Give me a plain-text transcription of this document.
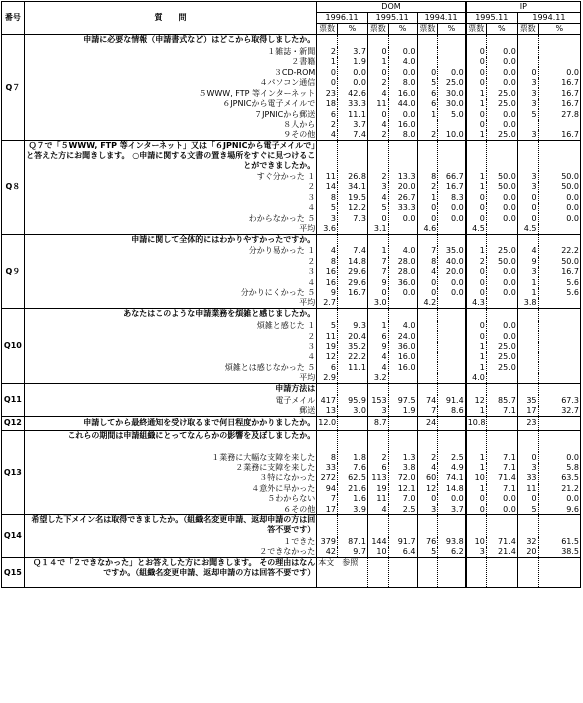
番号	質　　問	DOM						IP			
		1996.11		1995.11		1994.11		1995.11		1994.11	
		票数	%	票数	%	票数	%	票数	%	票数	%
Q７	申請に必要な情報（申請書式など）はどこから取得しましたか。										
	１雑誌・新聞	2	3.7	0	0.0			0	0.0		
	２書籍	1	1.9	1	4.0			0	0.0		
	３CD-ROM	0	0.0	0	0.0	0	0.0	0	0.0	0	0.0
	４パソコン通信	0	0.0	2	8.0	5	25.0	0	0.0	3	16.7
	５WWW, FTP 等インターネット	23	42.6	4	16.0	6	30.0	1	25.0	3	16.7
	６JPNICから電子メイルで	18	33.3	11	44.0	6	30.0	1	25.0	3	16.7
	７JPNICから郵送	6	11.1	0	0.0	1	5.0	0	0.0	5	27.8
	８人から	2	3.7	4	16.0			0	0.0		
	９その他	4	7.4	2	8.0	2	10.0	1	25.0	3	16.7
Q８	Ｑ７で「５WWW, FTP 等インターネット」又は「６JPNICから電子メイルで」と答えた方にお聞きします。 ○申請に関する文書の置き場所をすぐに見つけることができましたか。										
	すぐ分かった １	11	26.8	2	13.3	8	66.7	1	50.0	3	50.0
	２	14	34.1	3	20.0	2	16.7	1	50.0	3	50.0
	３	8	19.5	4	26.7	1	8.3	0	0.0	0	0.0
	４	5	12.2	5	33.3	0	0.0	0	0.0	0	0.0
	わからなかった ５	3	7.3	0	0.0	0	0.0	0	0.0	0	0.0
	平均	3.6		3.1		4.6		4.5		4.5	
Q９	申請に関して全体的にはわかりやすかったですか。										
	分かり易かった １	4	7.4	1	4.0	7	35.0	1	25.0	4	22.2
	２	8	14.8	7	28.0	8	40.0	2	50.0	9	50.0
	３	16	29.6	7	28.0	4	20.0	0	0.0	3	16.7
	４	16	29.6	9	36.0	0	0.0	0	0.0	1	5.6
	分かりにくかった ５	9	16.7	0	0.0	0	0.0	0	0.0	1	5.6
	平均	2.7		3.0		4.2		4.3		3.8	
Q10	あなたはこのような申請業務を煩雑と感じましたか。										
	煩雑と感じた １	5	9.3	1	4.0			0	0.0		
	２	11	20.4	6	24.0			0	0.0		
	３	19	35.2	9	36.0			1	25.0		
	４	12	22.2	4	16.0			1	25.0		
	煩雑とは感じなかった ５	6	11.1	4	16.0			1	25.0		
	平均	2.9		3.2				4.0			
Q11	申請方法は										
	電子メイル	417	95.9	153	97.5	74	91.4	12	85.7	35	67.3
	郵送	13	3.0	3	1.9	7	8.6	1	7.1	17	32.7
Q12	申請してから最終通知を受け取るまで何日程度かかりましたか。	12.0		8.7		24		10.8		23	
Q13	これらの期間は申請組織にとってなんらかの影響を及ぼしましたか。										
	１業務に大幅な支障を来した	8	1.8	2	1.3	2	2.5	1	7.1	0	0.0
	２業務に支障を来した	33	7.6	6	3.8	4	4.9	1	7.1	3	5.8
	３特になかった	272	62.5	113	72.0	60	74.1	10	71.4	33	63.5
	４意外に早かった	94	21.6	19	12.1	12	14.8	1	7.1	11	21.2
	５わからない	7	1.6	11	7.0	0	0.0	0	0.0	0	0.0
	６その他	17	3.9	4	2.5	3	3.7	0	0.0	5	9.6
Q14	希望した下メイン名は取得できましたか。（組織名変更申請、返却申請の方は回答不要です）										
	１できた	379	87.1	144	91.7	76	93.8	10	71.4	32	61.5
	２できなかった	42	9.7	10	6.4	5	6.2	3	21.4	20	38.5
Q15	Ｑ１４で「２できなかった」とお答えした方にお聞きします。 その理由はなんですか。（組織名変更申請、返却申請の方は回答不要です）	本文　参照									
